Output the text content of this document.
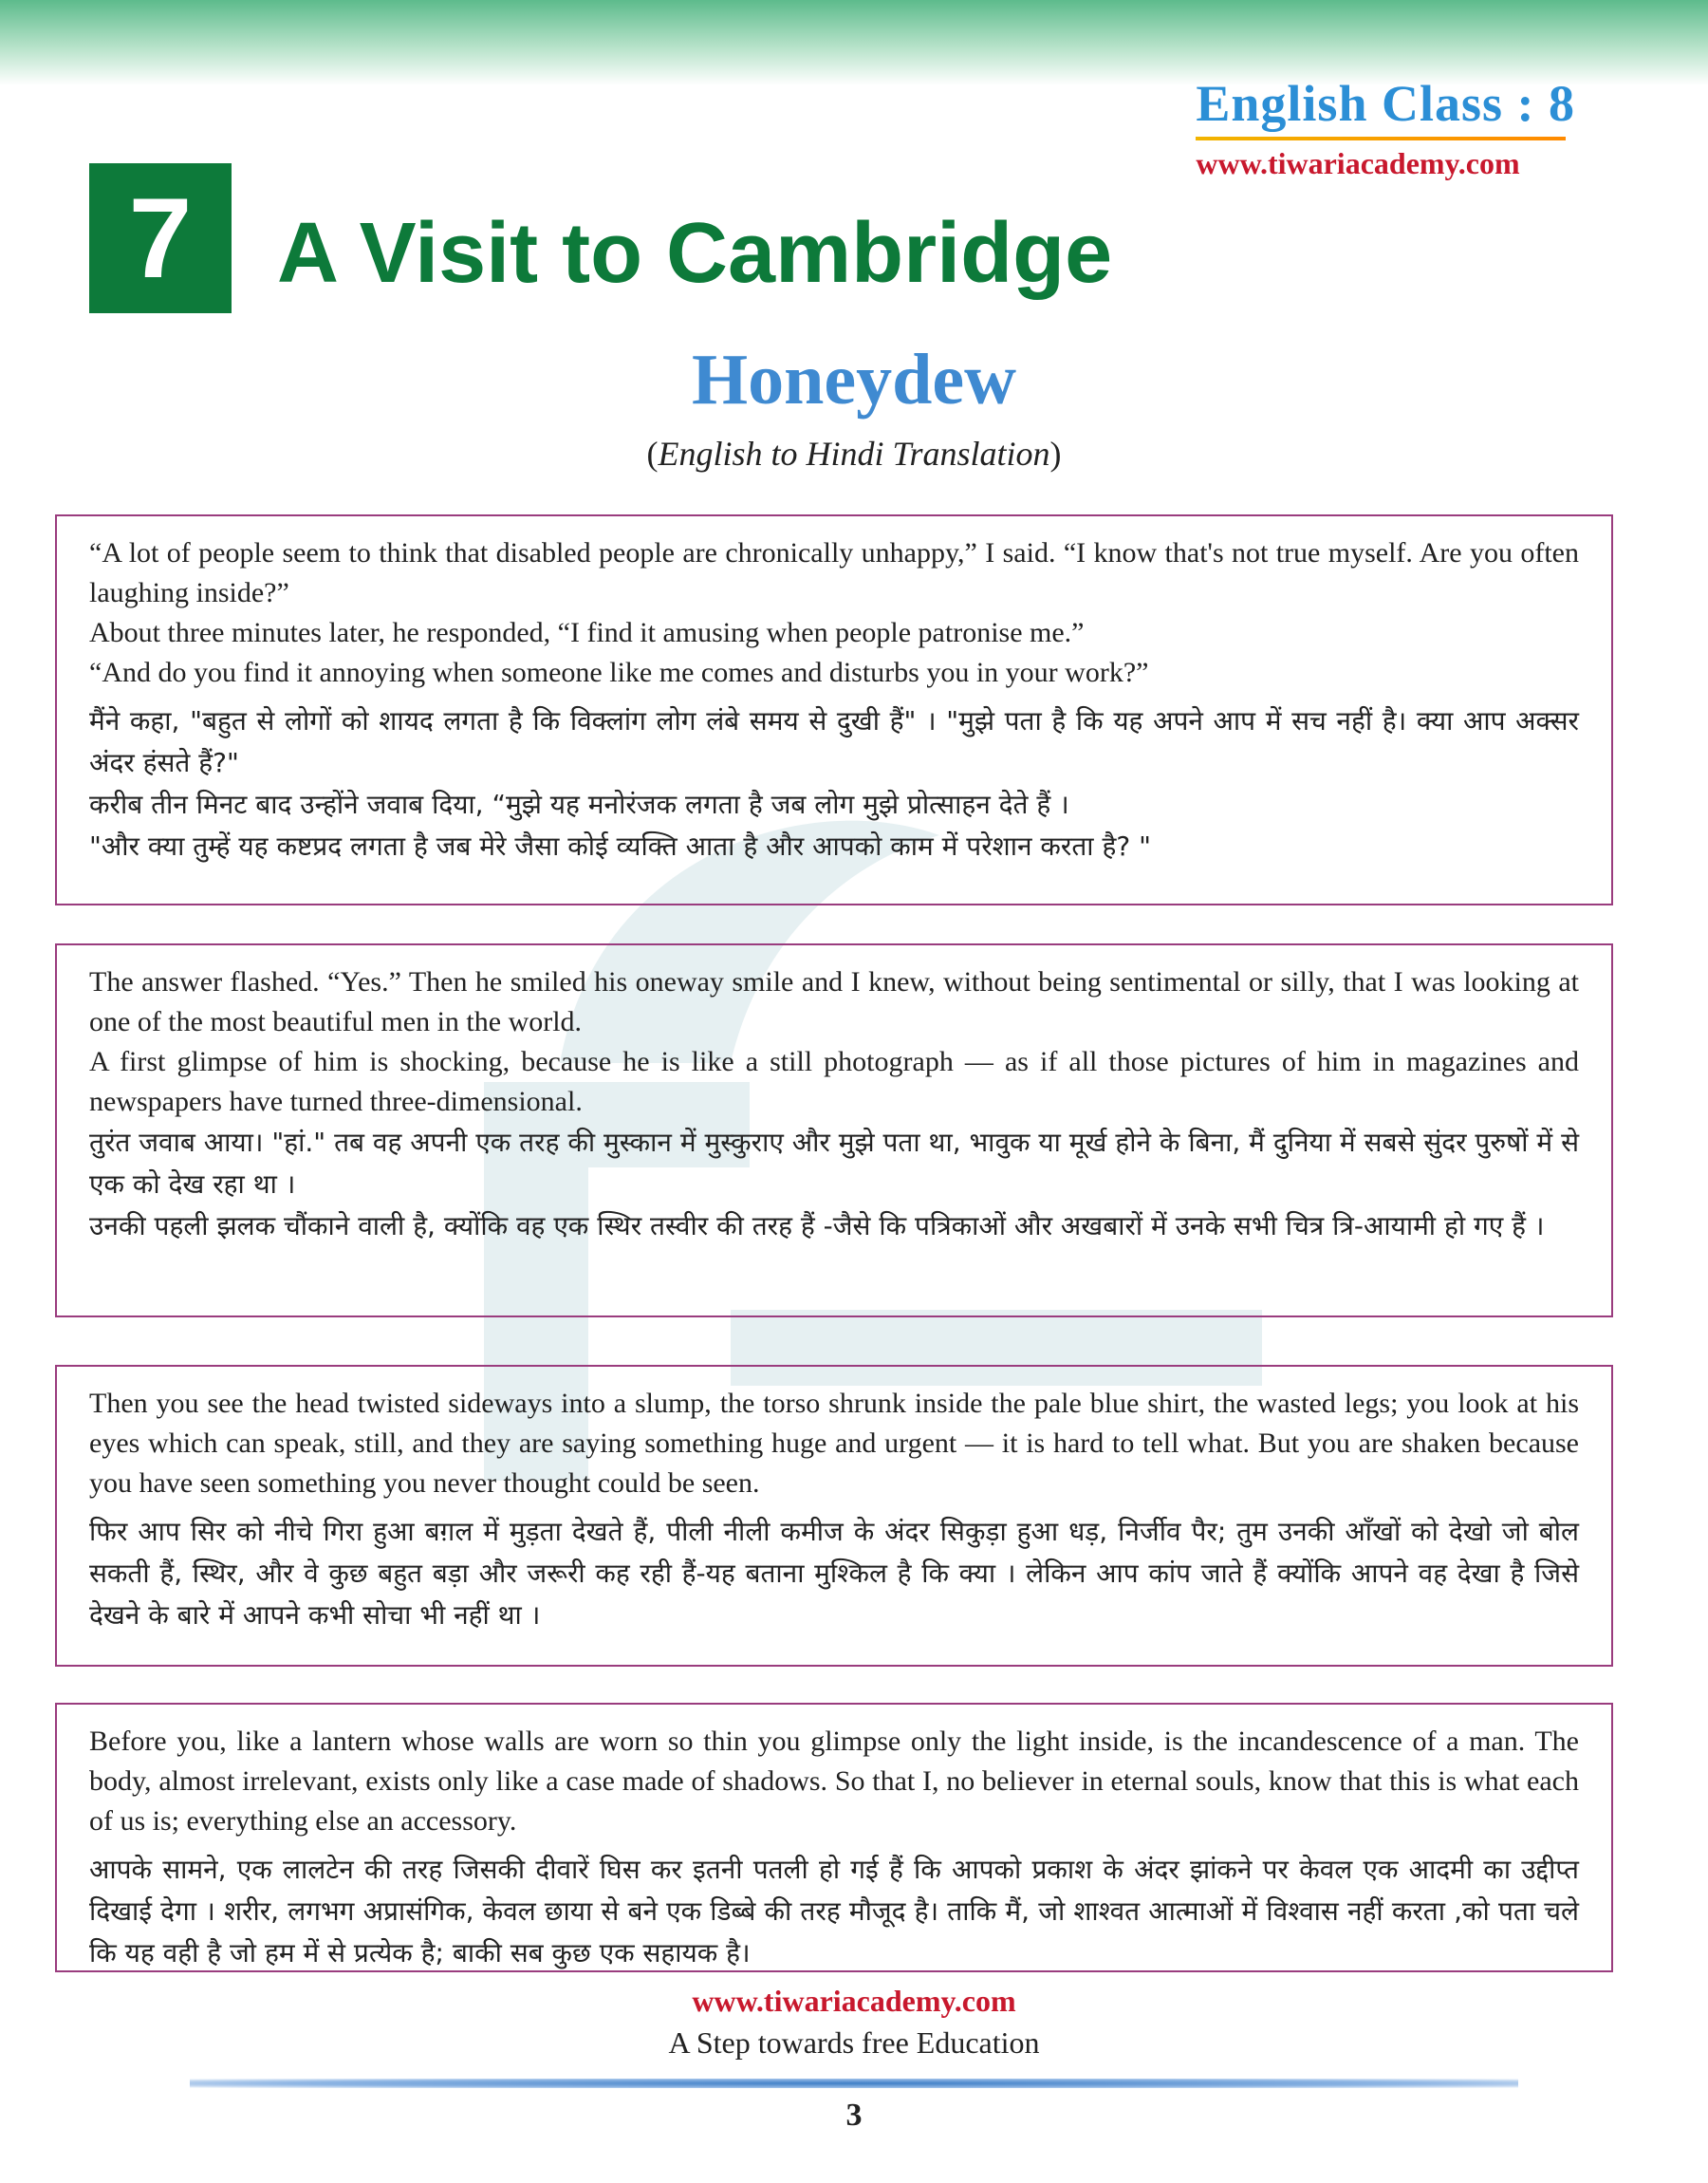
English Class : 8
www.tiwariacademy.com
7 A Visit to Cambridge
Honeydew
(English to Hindi Translation)

“A lot of people seem to think that disabled people are chronically unhappy,” I said. “I know that's not true myself. Are you often laughing inside?”

About three minutes later, he responded, “I find it amusing when people patronise me.”

“And do you find it annoying when someone like me comes and disturbs you in your work?”

मैंने कहा, "बहुत से लोगों को शायद लगता है कि विक्लांग लोग लंबे समय से दुखी हैं" । "मुझे पता है कि यह अपने आप में सच नहीं है। क्या आप अक्सर अंदर हंसते हैं?"

करीब तीन मिनट बाद उन्होंने जवाब दिया, “मुझे यह मनोरंजक लगता है जब लोग मुझे प्रोत्साहन देते हैं ।

"और क्या तुम्हें यह कष्टप्रद लगता है जब मेरे जैसा कोई व्यक्ति आता है और आपको काम में परेशान करता है? "

The answer flashed. “Yes.” Then he smiled his oneway smile and I knew, without being sentimental or silly, that I was looking at one of the most beautiful men in the world.

A first glimpse of him is shocking, because he is like a still photograph — as if all those pictures of him in magazines and newspapers have turned three-dimensional.

तुरंत जवाब आया। "हां." तब वह अपनी एक तरह की मुस्कान में मुस्कुराए और मुझे पता था, भावुक या मूर्ख होने के बिना, मैं दुनिया में सबसे सुंदर पुरुषों में से एक को देख रहा था ।

उनकी पहली झलक चौंकाने वाली है, क्योंकि वह एक स्थिर तस्वीर की तरह हैं -जैसे कि पत्रिकाओं और अखबारों में उनके सभी चित्र त्रि-आयामी हो गए हैं ।

Then you see the head twisted sideways into a slump, the torso shrunk inside the pale blue shirt, the wasted legs; you look at his eyes which can speak, still, and they are saying something huge and urgent — it is hard to tell what. But you are shaken because you have seen something you never thought could be seen.

फिर आप सिर को नीचे गिरा हुआ बग़ल में मुड़ता देखते हैं, पीली नीली कमीज के अंदर सिकुड़ा हुआ धड़, निर्जीव पैर; तुम उनकी आँखों को देखो जो बोल सकती हैं, स्थिर, और वे कुछ बहुत बड़ा और जरूरी कह रही हैं-यह बताना मुश्किल है कि क्या । लेकिन आप कांप जाते हैं क्योंकि आपने वह देखा है जिसे देखने के बारे में आपने कभी सोचा भी नहीं था ।

Before you, like a lantern whose walls are worn so thin you glimpse only the light inside, is the incandescence of a man. The body, almost irrelevant, exists only like a case made of shadows. So that I, no believer in eternal souls, know that this is what each of us is; everything else an accessory.

आपके सामने, एक लालटेन की तरह जिसकी दीवारें घिस कर इतनी पतली हो गई हैं कि आपको प्रकाश के अंदर झांकने पर केवल एक आदमी का उद्दीप्त दिखाई देगा । शरीर, लगभग अप्रासंगिक, केवल छाया से बने एक डिब्बे की तरह मौजूद है। ताकि मैं, जो शाश्वत आत्माओं में विश्वास नहीं करता ,को पता चले कि यह वही है जो हम में से प्रत्येक है; बाकी सब कुछ एक सहायक है।

www.tiwariacademy.com
A Step towards free Education
3
